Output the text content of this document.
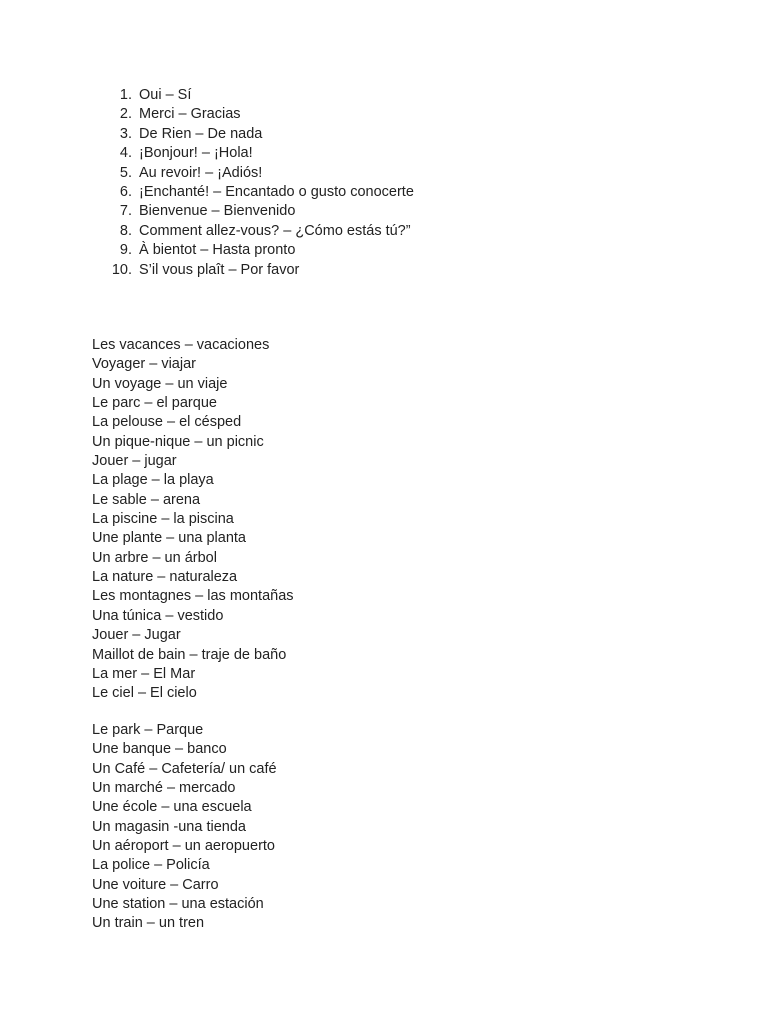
1. Oui – Sí
2. Merci – Gracias
3. De Rien – De nada
4. ¡Bonjour! – ¡Hola!
5. Au revoir! – ¡Adiós!
6. ¡Enchanté! – Encantado o gusto conocerte
7. Bienvenue – Bienvenido
8. Comment allez-vous? – ¿Cómo estás tú?”
9. À bientot – Hasta pronto
10. S’il vous plaît – Por favor
Les vacances – vacaciones
Voyager – viajar
Un voyage – un viaje
Le parc – el parque
La pelouse – el césped
Un pique-nique – un picnic
Jouer – jugar
La plage – la playa
Le sable – arena
La piscine – la piscina
Une plante – una planta
Un arbre – un árbol
La nature – naturaleza
Les montagnes – las montañas
Una túnica – vestido
Jouer – Jugar
Maillot de bain – traje de baño
La mer – El Mar
Le ciel – El cielo
Le park – Parque
Une banque – banco
Un Café – Cafetería/ un café
Un marché – mercado
Une école – una escuela
Un magasin -una tienda
Un aéroport – un aeropuerto
La police – Policía
Une voiture – Carro
Une station – una estación
Un train – un tren
